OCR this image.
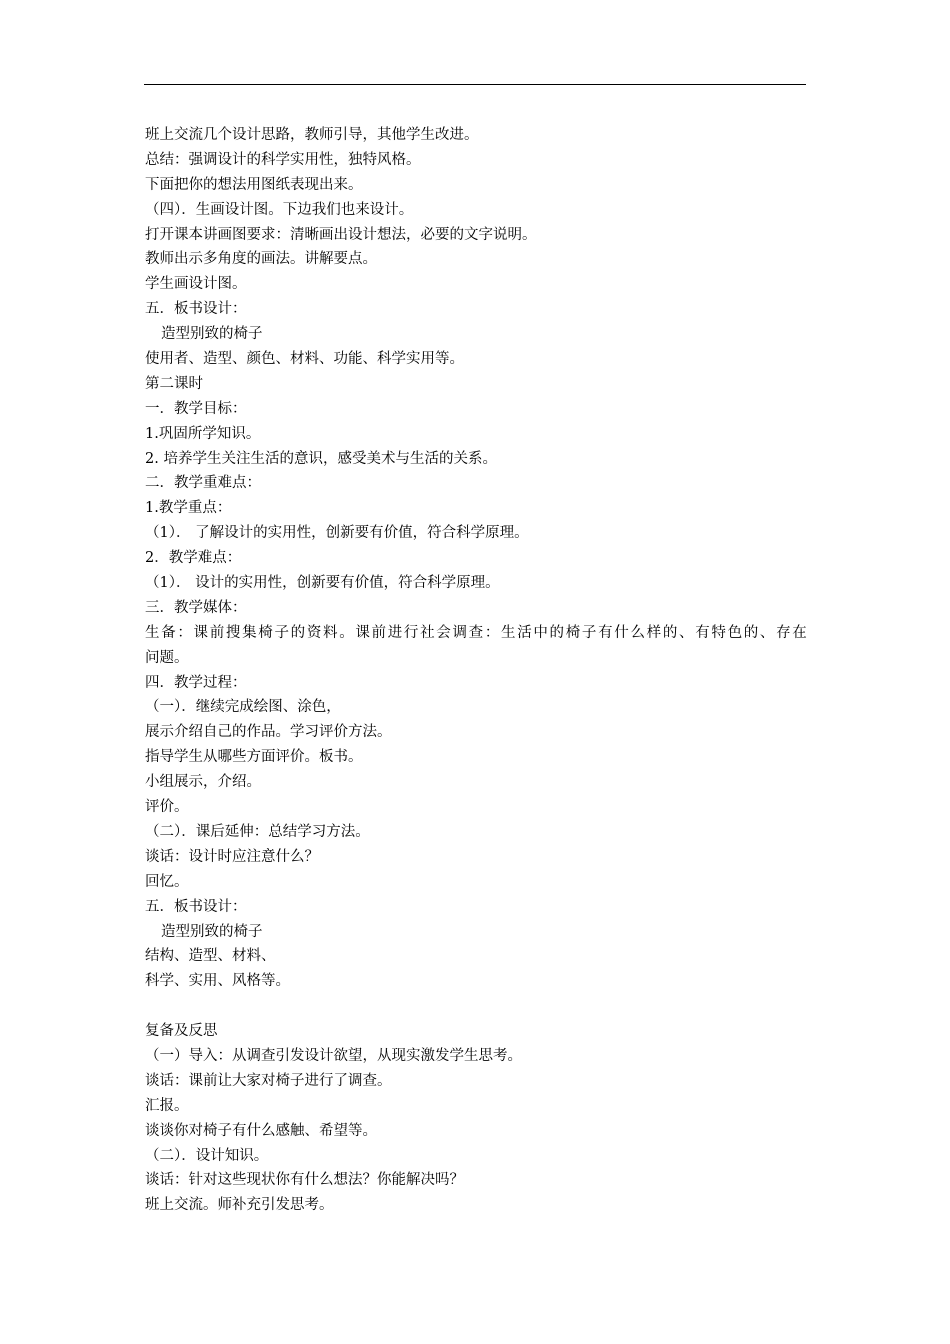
班上交流几个设计思路，教师引导，其他学生改进。
总结：强调设计的科学实用性，独特风格。
下面把你的想法用图纸表现出来。
（四）．生画设计图。下边我们也来设计。
打开课本讲画图要求：清晰画出设计想法，必要的文字说明。
教师出示多角度的画法。讲解要点。
学生画设计图。
五．板书设计：
造型别致的椅子
使用者、造型、颜色、材料、功能、科学实用等。
第二课时
一．教学目标：
1.巩固所学知识。
2. 培养学生关注生活的意识，感受美术与生活的关系。
二．教学重难点：
1.教学重点：
（1）． 了解设计的实用性，创新要有价值，符合科学原理。
2．教学难点：
（1）． 设计的实用性，创新要有价值，符合科学原理。
三．教学媒体：
生备：课前搜集椅子的资料。课前进行社会调查：生活中的椅子有什么样的、有特色的、存在
问题。
四．教学过程：
（一）．继续完成绘图、涂色，
展示介绍自己的作品。学习评价方法。
指导学生从哪些方面评价。板书。
小组展示，介绍。
评价。
（二）．课后延伸：总结学习方法。
谈话：设计时应注意什么？
回忆。
五．板书设计：
造型别致的椅子
结构、造型、材料、
科学、实用、风格等。
复备及反思
（一）导入：从调查引发设计欲望，从现实激发学生思考。
谈话：课前让大家对椅子进行了调查。
汇报。
谈谈你对椅子有什么感触、希望等。
（二）．设计知识。
谈话：针对这些现状你有什么想法？你能解决吗？
班上交流。师补充引发思考。
